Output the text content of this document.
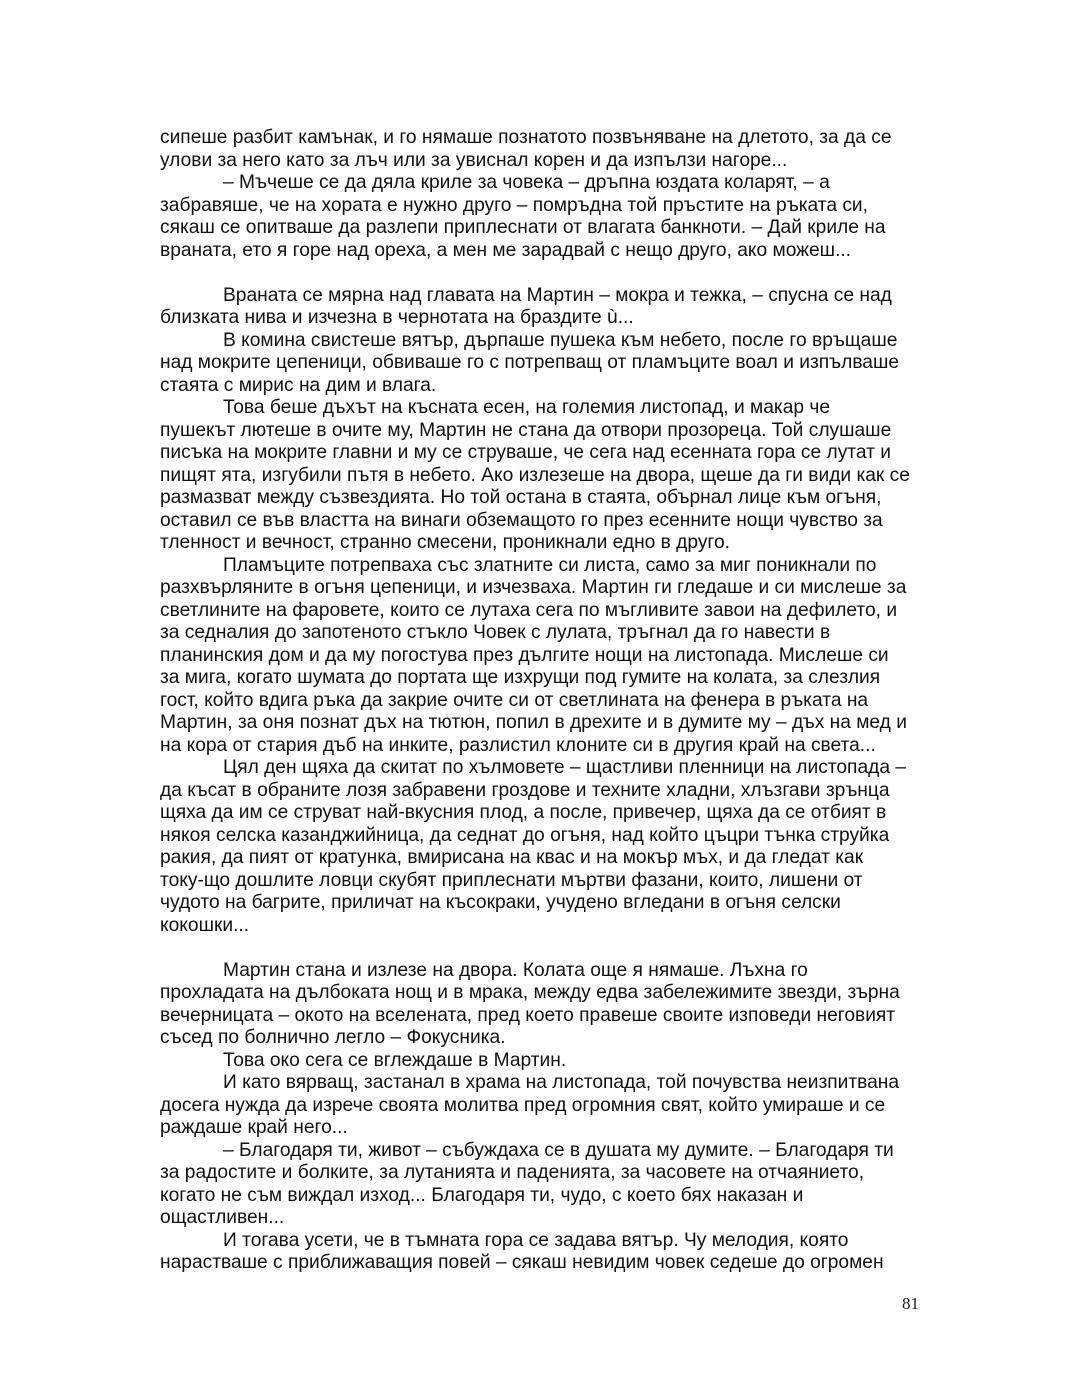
сипеше разбит камънак, и го нямаше познатото позвъняване на длетото, за да се
улови за него като за лъч или за увиснал корен и да изпълзи нагоре...
– Мъчеше се да дяла криле за човека – дръпна юздата коларят, – а
забравяше, че на хората е нужно друго – помръдна той пръстите на ръката си,
сякаш се опитваше да разлепи приплеснати от влагата банкноти. – Дай криле на
враната, ето я горе над ореха, а мен ме зарадвай с нещо друго, ако можеш...
Враната се мярна над главата на Мартин – мокра и тежка, – спусна се над
близката нива и изчезна в чернотата на браздите ù...
В комина свистеше вятър, дърпаше пушека към небето, после го връщаше
над мокрите цепеници, обвиваше го с потрепващ от пламъците воал и изпълваше
стаята с мирис на дим и влага.
Това беше дъхът на късната есен, на големия листопад, и макар че
пушекът лютеше в очите му, Мартин не стана да отвори прозореца. Той слушаше
писъка на мокрите главни и му се струваше, че сега над есенната гора се лутат и
пищят ята, изгубили пътя в небето. Ако излезеше на двора, щеше да ги види как се
размазват между съзвездията. Но той остана в стаята, обърнал лице към огъня,
оставил се във властта на винаги обземащото го през есенните нощи чувство за
тленност и вечност, странно смесени, проникнали едно в друго.
Пламъците потрепваха със златните си листа, само за миг поникнали по
разхвърляните в огъня цепеници, и изчезваха. Мартин ги гледаше и си мислеше за
светлините на фаровете, които се лутаха сега по мъгливите завои на дефилето, и
за седналия до запотеното стъкло Човек с лулата, тръгнал да го навести в
планинския дом и да му погостува през дългите нощи на листопада. Мислеше си
за мига, когато шумата до портата ще изхрущи под гумите на колата, за слезлия
гост, който вдига ръка да закрие очите си от светлината на фенера в ръката на
Мартин, за оня познат дъх на тютюн, попил в дрехите и в думите му – дъх на мед и
на кора от стария дъб на инките, разлистил клоните си в другия край на света...
Цял ден щяха да скитат по хълмовете – щастливи пленници на листопада –
да късат в обраните лозя забравени гроздове и техните хладни, хлъзгави зрънца
щяха да им се струват най-вкусния плод, а после, привечер, щяха да се отбият в
някоя селска казанджийница, да седнат до огъня, над който цъцри тънка струйка
ракия, да пият от кратунка, вмирисана на квас и на мокър мъх, и да гледат как
току-що дошлите ловци скубят приплеснати мъртви фазани, които, лишени от
чудото на багрите, приличат на късокраки, учудено вгледани в огъня селски
кокошки...
Мартин стана и излезе на двора. Колата още я нямаше. Лъхна го
прохладата на дълбоката нощ и в мрака, между едва забележимите звезди, зърна
вечерницата – окото на вселената, пред което правеше своите изповеди неговият
съсед по болнично легло – Фокусника.
Това око сега се вглеждаше в Мартин.
И като вярващ, застанал в храма на листопада, той почувства неизпитвана
досега нужда да изрече своята молитва пред огромния свят, който умираше и се
раждаше край него...
– Благодаря ти, живот – събуждаха се в душата му думите. – Благодаря ти
за радостите и болките, за лутанията и паденията, за часовете на отчаянието,
когато не съм виждал изход... Благодаря ти, чудо, с което бях наказан и
ощастливен...
И тогава усети, че в тъмната гора се задава вятър. Чу мелодия, която
нарастваше с приближаващия повей – сякаш невидим човек седеше до огромен
81
